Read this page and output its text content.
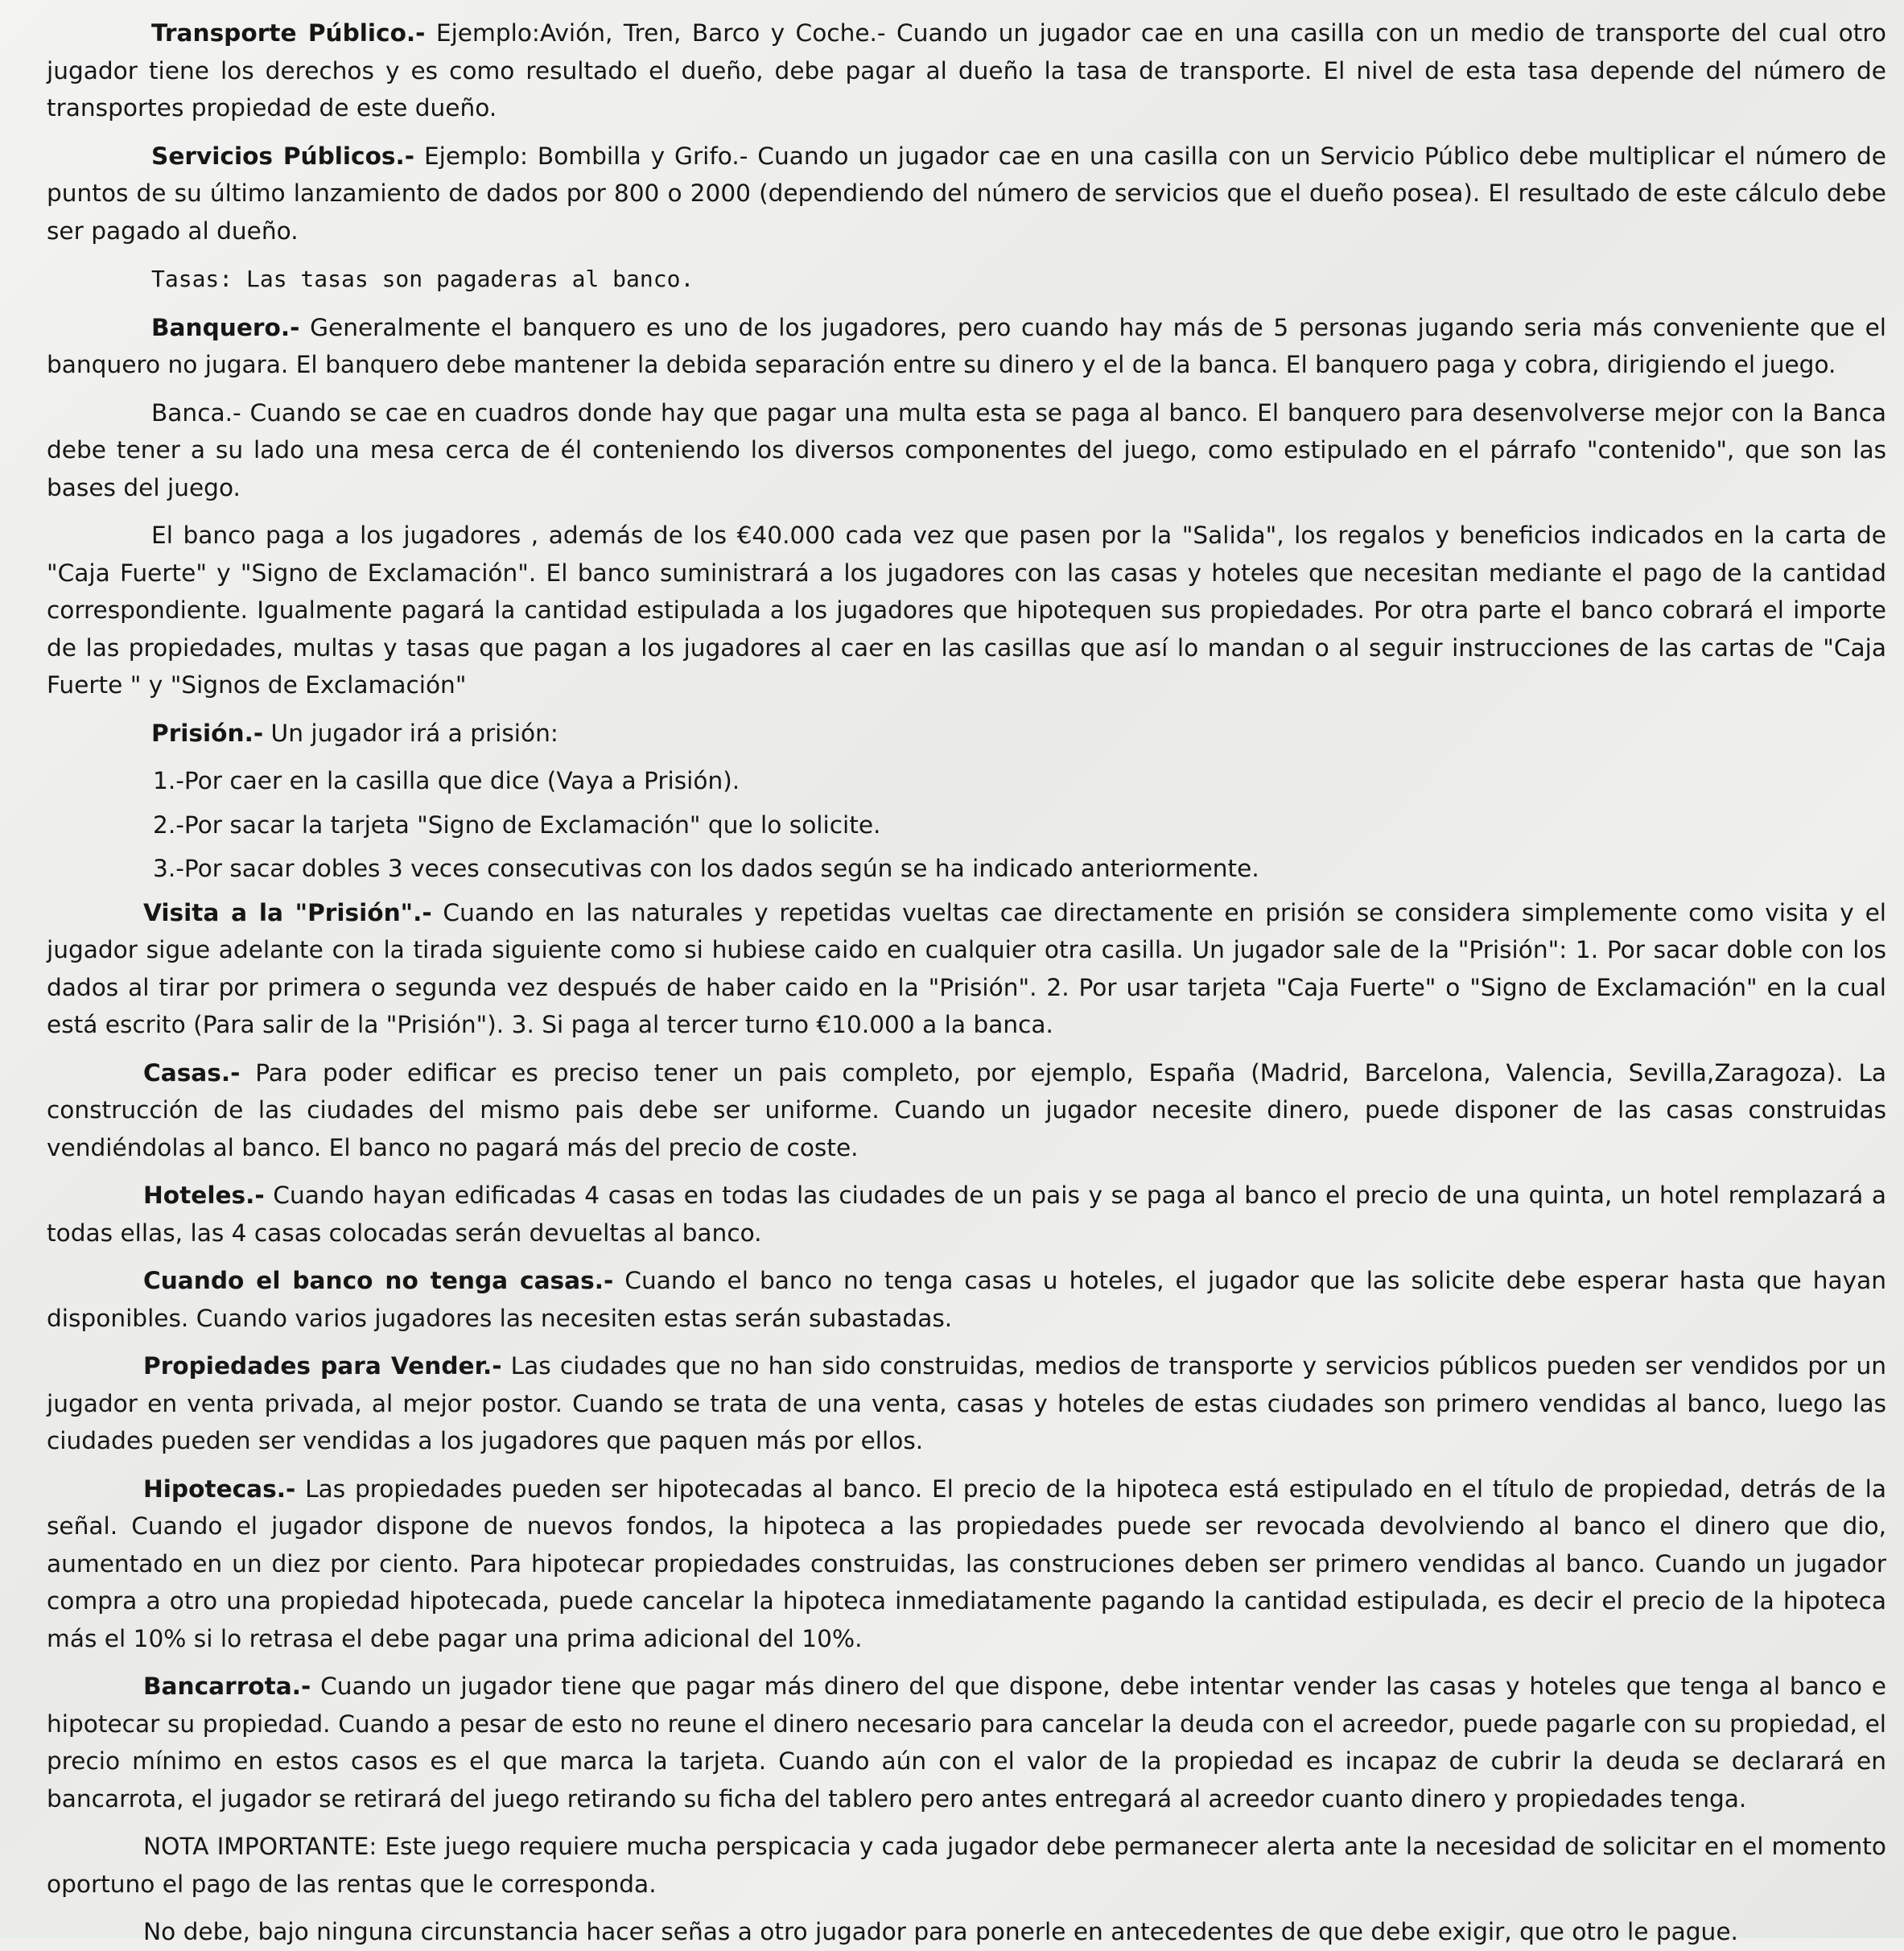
Transporte Público.- Ejemplo:Avión, Tren, Barco y Coche.- Cuando un jugador cae en una casilla con un medio de transporte del cual otro jugador tiene los derechos y es como resultado el dueño, debe pagar al dueño la tasa de transporte. El nivel de esta tasa depende del número de transportes propiedad de este dueño.

Servicios Públicos.- Ejemplo: Bombilla y Grifo.- Cuando un jugador cae en una casilla con un Servicio Público debe multiplicar el número de puntos de su último lanzamiento de dados por 800 o 2000 (dependiendo del número de servicios que el dueño posea). El resultado de este cálculo debe ser pagado al dueño.

Tasas: Las tasas son pagaderas al banco.

Banquero.- Generalmente el banquero es uno de los jugadores, pero cuando hay más de 5 personas jugando seria más conveniente que el banquero no jugara. El banquero debe mantener la debida separación entre su dinero y el de la banca. El banquero paga y cobra, dirigiendo el juego.

Banca.- Cuando se cae en cuadros donde hay que pagar una multa esta se paga al banco. El banquero para desenvolverse mejor con la Banca debe tener a su lado una mesa cerca de él conteniendo los diversos componentes del juego, como estipulado en el párrafo "contenido", que son las bases del juego.

El banco paga a los jugadores , además de los €40.000 cada vez que pasen por la "Salida", los regalos y beneficios indicados en la carta de "Caja Fuerte" y "Signo de Exclamación". El banco suministrará a los jugadores con las casas y hoteles que necesitan mediante el pago de la cantidad correspondiente. Igualmente pagará la cantidad estipulada a los jugadores que hipotequen sus propiedades. Por otra parte el banco cobrará el importe de las propiedades, multas y tasas que pagan a los jugadores al caer en las casillas que así lo mandan o al seguir instrucciones de las cartas de "Caja Fuerte " y "Signos de Exclamación"

Prisión.- Un jugador irá a prisión:

1.-Por caer en la casilla que dice (Vaya a Prisión).

2.-Por sacar la tarjeta "Signo de Exclamación" que lo solicite.

3.-Por sacar dobles 3 veces consecutivas con los dados según se ha indicado anteriormente.

Visita a la "Prisión".- Cuando en las naturales y repetidas vueltas cae directamente en prisión se considera simplemente como visita y el jugador sigue adelante con la tirada siguiente como si hubiese caido en cualquier otra casilla. Un jugador sale de la "Prisión": 1. Por sacar doble con los dados al tirar por primera o segunda vez después de haber caido en la "Prisión". 2. Por usar tarjeta "Caja Fuerte" o "Signo de Exclamación" en la cual está escrito (Para salir de la "Prisión"). 3. Si paga al tercer turno €10.000 a la banca.

Casas.- Para poder edificar es preciso tener un pais completo, por ejemplo, España (Madrid, Barcelona, Valencia, Sevilla,Zaragoza). La construcción de las ciudades del mismo pais debe ser uniforme. Cuando un jugador necesite dinero, puede disponer de las casas construidas vendiéndolas al banco. El banco no pagará más del precio de coste.

Hoteles.- Cuando hayan edificadas 4 casas en todas las ciudades de un pais y se paga al banco el precio de una quinta, un hotel remplazará a todas ellas, las 4 casas colocadas serán devueltas al banco.

Cuando el banco no tenga casas.- Cuando el banco no tenga casas u hoteles, el jugador que las solicite debe esperar hasta que hayan disponibles. Cuando varios jugadores las necesiten estas serán subastadas.

Propiedades para Vender.- Las ciudades que no han sido construidas, medios de transporte y servicios públicos pueden ser vendidos por un jugador en venta privada, al mejor postor. Cuando se trata de una venta, casas y hoteles de estas ciudades son primero vendidas al banco, luego las ciudades pueden ser vendidas a los jugadores que paquen más por ellos.

Hipotecas.- Las propiedades pueden ser hipotecadas al banco. El precio de la hipoteca está estipulado en el título de propiedad, detrás de la señal. Cuando el jugador dispone de nuevos fondos, la hipoteca a las propiedades puede ser revocada devolviendo al banco el dinero que dio, aumentado en un diez por ciento. Para hipotecar propiedades construidas, las construciones deben ser primero vendidas al banco. Cuando un jugador compra a otro una propiedad hipotecada, puede cancelar la hipoteca inmediatamente pagando la cantidad estipulada, es decir el precio de la hipoteca más el 10% si lo retrasa el debe pagar una prima adicional del 10%.

Bancarrota.- Cuando un jugador tiene que pagar más dinero del que dispone, debe intentar vender las casas y hoteles que tenga al banco e hipotecar su propiedad. Cuando a pesar de esto no reune el dinero necesario para cancelar la deuda con el acreedor, puede pagarle con su propiedad, el precio mínimo en estos casos es el que marca la tarjeta. Cuando aún con el valor de la propiedad es incapaz de cubrir la deuda se declarará en bancarrota, el jugador se retirará del juego retirando su ficha del tablero pero antes entregará al acreedor cuanto dinero y propiedades tenga.

NOTA IMPORTANTE: Este juego requiere mucha perspicacia y cada jugador debe permanecer alerta ante la necesidad de solicitar en el momento oportuno el pago de las rentas que le corresponda.

No debe, bajo ninguna circunstancia hacer señas a otro jugador para ponerle en antecedentes de que debe exigir, que otro le pague.
